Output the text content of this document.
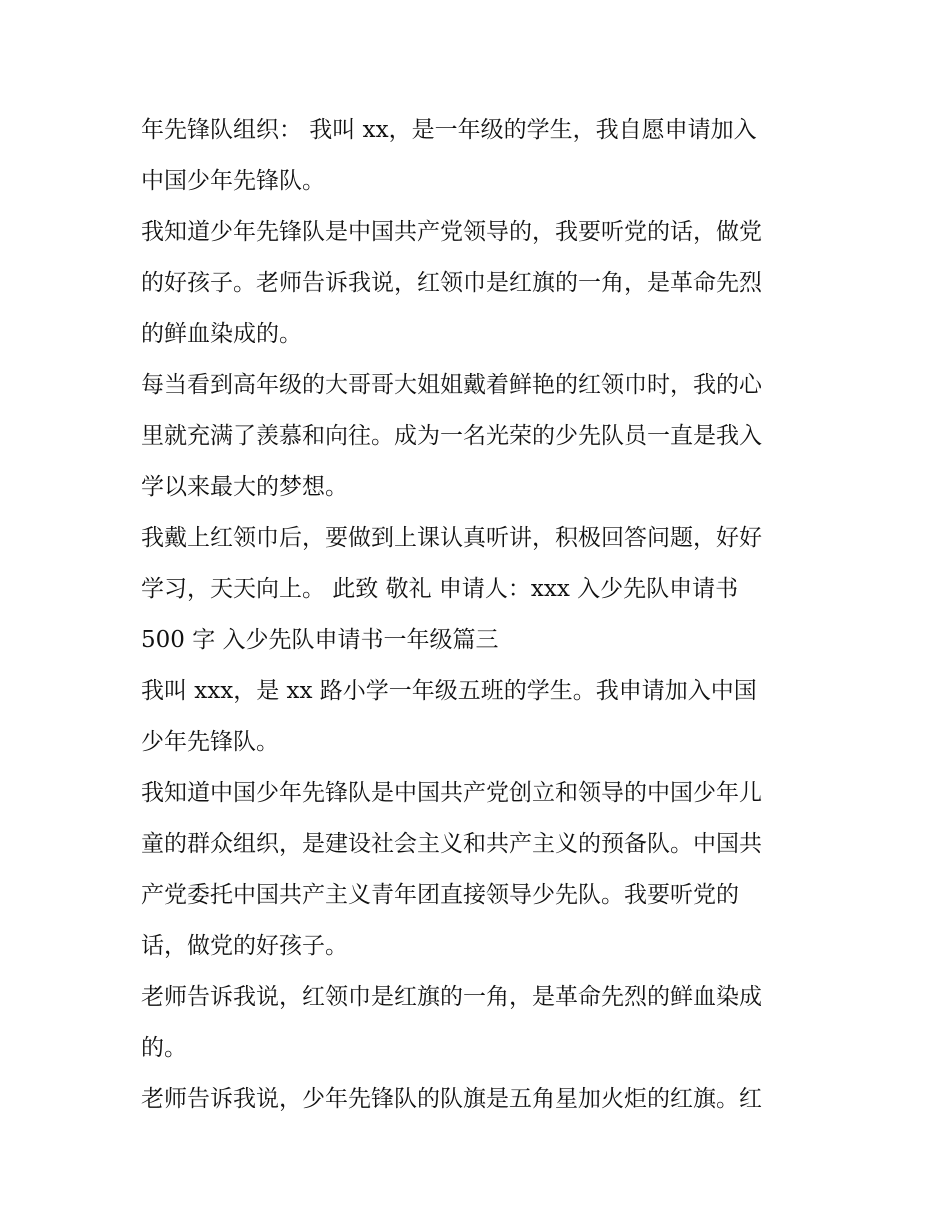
年先锋队组织： 我叫 xx，是一年级的学生，我自愿申请加入
中国少年先锋队。
我知道少年先锋队是中国共产党领导的，我要听党的话，做党
的好孩子。老师告诉我说，红领巾是红旗的一角，是革命先烈
的鲜血染成的。
每当看到高年级的大哥哥大姐姐戴着鲜艳的红领巾时，我的心
里就充满了羡慕和向往。成为一名光荣的少先队员一直是我入
学以来最大的梦想。
我戴上红领巾后，要做到上课认真听讲，积极回答问题，好好
学习，天天向上。 此致 敬礼 申请人：xxx 入少先队申请书
500 字 入少先队申请书一年级篇三
我叫 xxx，是 xx 路小学一年级五班的学生。我申请加入中国
少年先锋队。
我知道中国少年先锋队是中国共产党创立和领导的中国少年儿
童的群众组织，是建设社会主义和共产主义的预备队。中国共
产党委托中国共产主义青年团直接领导少先队。我要听党的
话，做党的好孩子。
老师告诉我说，红领巾是红旗的一角，是革命先烈的鲜血染成
的。
老师告诉我说，少年先锋队的队旗是五角星加火炬的红旗。红
